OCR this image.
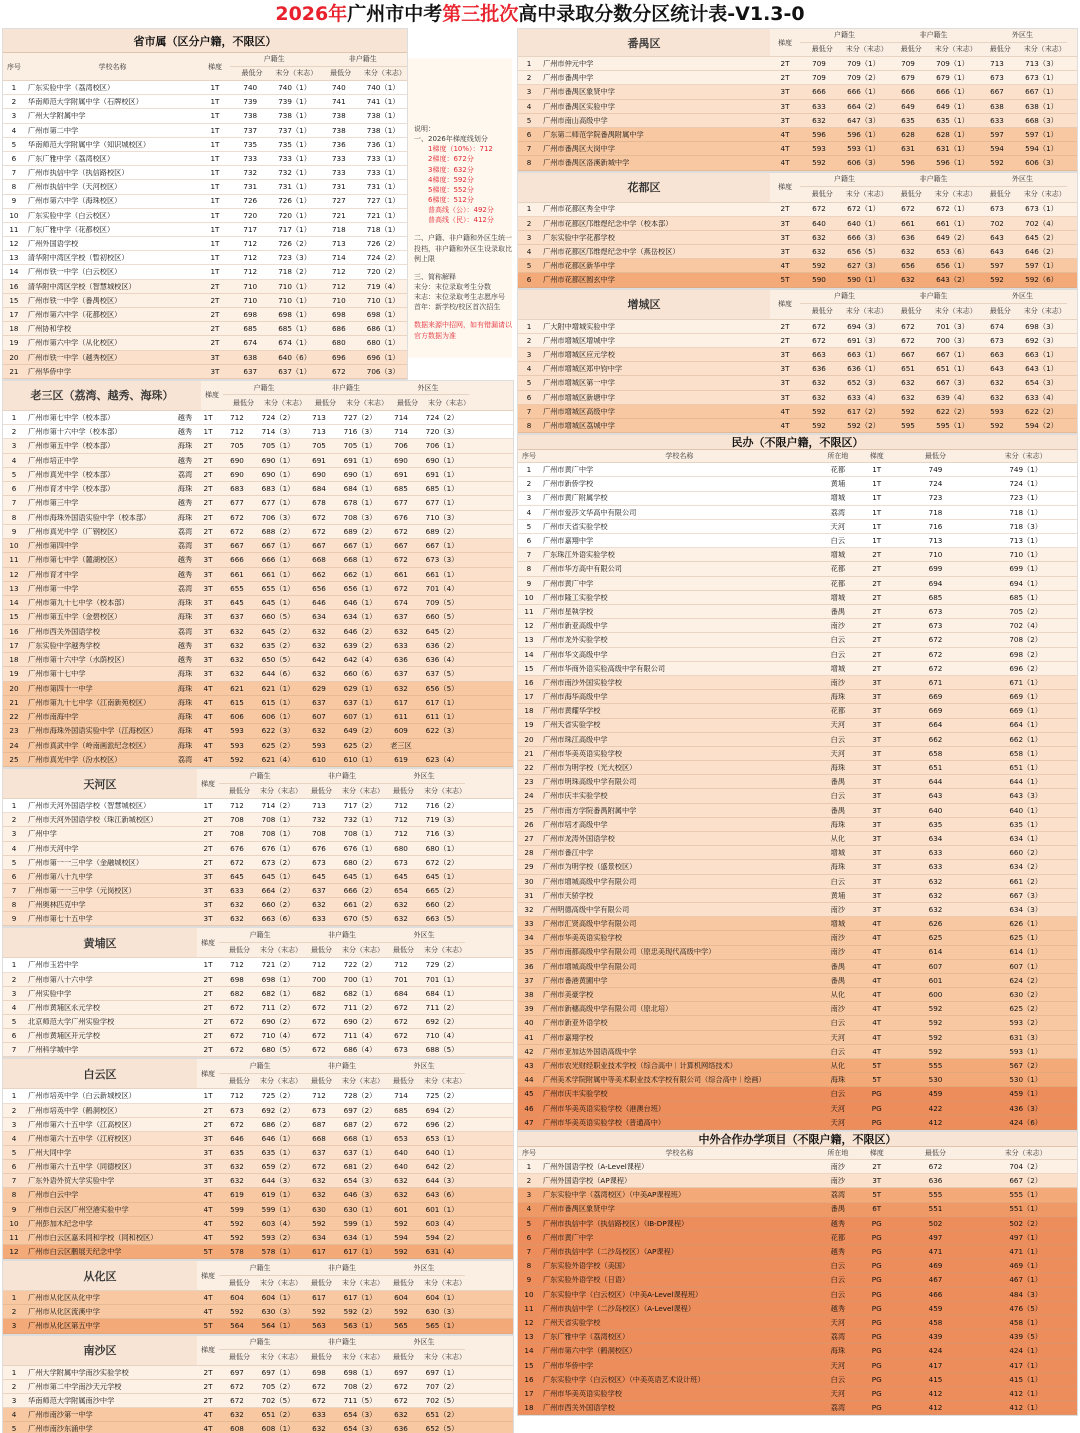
2026年广州市中考第三批次高中录取分数分区统计表-V1.3-0
省市属（区分户籍，不限区）
序号	学校名称	梯度
户籍生
最低分	末分（末志）
非户籍生
最低分	末分（末志）
1	广东实验中学（荔湾校区）	1T	740	740（1）	740	740（1）
2	华南师范大学附属中学（石牌校区）	1T	739	739（1）	741	741（1）
3	广州大学附属中学	1T	738	738（1）	738	738（1）
4	广州市第二中学	1T	737	737（1）	738	738（1）
5	华南师范大学附属中学（知识城校区）	1T	735	735（1）	736	736（1）
6	广东广雅中学（荔湾校区）	1T	733	733（1）	733	733（1）
7	广州市执信中学（执信路校区）	1T	732	732（1）	733	733（1）
8	广州市执信中学（天河校区）	1T	731	731（1）	731	731（1）
9	广州市第六中学（海珠校区）	1T	726	726（1）	727	727（1）
10	广东实验中学（白云校区）	1T	720	720（1）	721	721（1）
11	广东广雅中学（花都校区）	1T	717	717（1）	718	718（1）
12	广州外国语学校	1T	712	726（2）	713	726（2）
13	清华附中湾区学校（暂初校区）	1T	712	723（3）	714	724（2）
14	广州市铁一中学（白云校区）	1T	712	718（2）	712	720（2）
16	清华附中湾区学校（智慧城校区）	2T	710	710（1）	712	719（4）
15	广州市铁一中学（番禺校区）	2T	710	710（1）	710	710（1）
17	广州市第六中学（花都校区）	2T	698	698（1）	698	698（1）
18	广州协和学校	2T	685	685（1）	686	686（1）
19	广州市第六中学（从化校区）	2T	674	674（1）	680	680（1）
20	广州市铁一中学（越秀校区）	3T	638	640（6）	696	696（1）
21	广州华侨中学	3T	637	637（1）	672	706（3）
老三区（荔湾、越秀、海珠）	梯度
户籍生
最低分	末分（末志）
非户籍生
最低分	末分（末志）
外区生
最低分	末分（末志）
1	广州市第七中学（校本部）	越秀	1T	712	724（2）	713	727（2）	714	724（2）
2	广州市第十六中学（校本部）	越秀	1T	712	714（3）	713	716（3）	714	720（3）
3	广州市第五中学（校本部）	海珠	2T	705	705（1）	705	705（1）	706	706（1）
4	广州市培正中学	越秀	2T	690	690（1）	691	691（1）	690	690（1）
5	广州市真光中学（校本部）	荔湾	2T	690	690（1）	690	690（1）	691	691（1）
6	广州市育才中学（校本部）	海珠	2T	683	683（1）	684	684（1）	685	685（1）
7	广州市第三中学	越秀	2T	677	677（1）	678	678（1）	677	677（1）
8	广州市海珠外国语实验中学（校本部）	海珠	2T	672	706（3）	672	708（3）	676	710（3）
9	广州市真光中学（广钢校区）	荔湾	2T	672	688（2）	672	689（2）	672	689（2）
10	广州市第四中学	荔湾	3T	667	667（1）	667	667（1）	667	667（1）
11	广州市第七中学（麓湖校区）	越秀	3T	666	666（1）	668	668（1）	672	673（3）
12	广州市育才中学	越秀	3T	661	661（1）	662	662（1）	661	661（1）
13	广州市第一中学	荔湾	3T	655	655（1）	656	656（1）	672	701（4）
14	广州市第九十七中学（校本部）	海珠	3T	645	645（1）	646	646（1）	674	709（5）
15	广州市第五中学（金碧校区）	海珠	3T	637	660（5）	634	634（1）	637	660（5）
16	广州市西关外国语学校	荔湾	3T	632	645（2）	632	646（2）	632	645（2）
17	广东实验中学越秀学校	越秀	3T	632	635（2）	632	639（2）	633	636（2）
18	广州市第十六中学（水荫校区）	越秀	3T	632	650（5）	642	642（4）	636	636（4）
19	广州市第十七中学	海珠	3T	632	644（6）	632	660（6）	637	637（5）
20	广州市第四十一中学	海珠	4T	621	621（1）	629	629（1）	632	656（5）
21	广州市第九十七中学（江南新苑校区）	海珠	4T	615	615（1）	637	637（1）	617	617（1）
22	广州市南海中学	海珠	4T	606	606（1）	607	607（1）	611	611（1）
23	广州市海珠外国语实验中学（江海校区）	海珠	4T	593	622（3）	632	649（2）	609	622（3）
24	广州市真武中学（岭南画派纪念校区）	海珠	4T	593	625（2）	593	625（2）	老三区
25	广州市真光中学（汾水校区）	荔湾	4T	592	621（4）	610	610（1）	619	623（4）
天河区	梯度
户籍生
最低分	末分（末志）
非户籍生
最低分	末分（末志）
外区生
最低分	末分（末志）
1	广州市天河外国语学校（智慧城校区）	1T	712	714（2）	713	717（2）	712	716（2）
2	广州市天河外国语学校（珠江新城校区）	2T	708	708（1）	732	732（1）	712	719（3）
3	广州中学	2T	708	708（1）	708	708（1）	712	716（3）
4	广州市天河中学	2T	676	676（1）	676	676（1）	680	680（1）
5	广州市第一一三中学（金融城校区）	2T	672	673（2）	673	680（2）	673	672（2）
6	广州市第八十九中学	3T	645	645（1）	645	645（1）	645	645（1）
7	广州市第一一三中学（元岗校区）	3T	633	664（2）	637	666（2）	654	665（2）
8	广州奥林匹克中学	3T	632	660（2）	632	661（2）	632	660（2）
9	广州市第七十五中学	3T	632	663（6）	633	670（5）	632	663（5）
黄埔区	梯度
户籍生
最低分	末分（末志）
非户籍生
最低分	末分（末志）
外区生
最低分	末分（末志）
1	广州市玉岩中学	1T	712	721（2）	712	722（2）	712	729（2）
2	广州市第八十六中学	2T	698	698（1）	700	700（1）	701	701（1）
3	广州实验中学	2T	682	682（1）	682	682（1）	684	684（1）
4	广州市黄埔区永元学校	2T	672	711（2）	672	711（2）	672	711（2）
5	北京师范大学广州实验学校	2T	672	690（2）	672	690（2）	672	692（2）
6	广州市黄埔区开元学校	2T	672	710（4）	672	711（4）	672	710（4）
7	广州科学城中学	2T	672	680（5）	672	686（4）	673	688（5）
白云区	梯度
户籍生
最低分	末分（末志）
非户籍生
最低分	末分（末志）
外区生
最低分	末分（末志）
1	广州市培英中学（白云新城校区）	1T	712	725（2）	712	728（2）	714	725（2）
2	广州市培英中学（鹤洞校区）	2T	673	692（2）	673	697（2）	685	694（2）
3	广州市第六十五中学（江高校区）	2T	672	686（2）	687	687（2）	672	696（2）
4	广州市第六十五中学（江府校区）	3T	646	646（1）	668	668（1）	653	653（1）
5	广州大同中学	3T	635	635（1）	637	637（1）	640	640（1）
6	广州市第六十五中学（同德校区）	3T	632	659（2）	672	681（2）	640	642（2）
7	广东外语外贸大学实验中学	3T	632	644（3）	632	654（3）	632	644（3）
8	广州市白云中学	4T	619	619（1）	632	646（3）	632	643（6）
9	广州市白云区广州空港实验中学	4T	599	599（1）	630	630（1）	601	601（1）
10	广州彭加木纪念中学	4T	592	603（4）	592	599（1）	592	603（4）
11	广州市白云区嘉禾同和学校（同和校区）	4T	592	593（2）	634	634（1）	594	594（2）
12	广州市白云区鹏展天纪念中学	5T	578	578（1）	617	617（1）	592	631（4）
从化区	梯度
户籍生
最低分	末分（末志）
非户籍生
最低分	末分（末志）
外区生
最低分	末分（末志）
1	广州市从化区从化中学	4T	604	604（1）	617	617（1）	604	604（1）
2	广州市从化区流溪中学	4T	592	630（3）	592	592（2）	592	630（3）
3	广州市从化区第五中学	5T	564	564（1）	563	563（1）	565	565（1）
南沙区	梯度
户籍生
最低分	末分（末志）
非户籍生
最低分	末分（末志）
外区生
最低分	末分（末志）
1	广州大学附属中学南沙实验学校	2T	697	697（1）	698	698（1）	697	697（1）
2	广州市第二中学南沙天元学校	2T	672	705（2）	672	708（2）	672	707（2）
3	华南师范大学附属南沙中学	2T	672	702（5）	672	711（5）	672	702（5）
4	广州市南沙第一中学	4T	632	651（2）	633	654（3）	632	651（2）
5	广州市南沙东涌中学	4T	608	608（1）	632	654（3）	636	652（5）
番禺区	梯度
户籍生
最低分	末分（末志）
非户籍生
最低分	末分（末志）
外区生
最低分	末分（末志）
1	广州市仲元中学	2T	709	709（1）	709	709（1）	713	713（3）
2	广州市番禺中学	2T	709	709（2）	679	679（1）	673	673（1）
3	广州市番禺区象贤中学	3T	666	666（1）	666	666（1）	667	667（1）
4	广州市番禺区实验中学	3T	633	664（2）	649	649（1）	638	638（1）
5	广州市南山高级中学	3T	632	647（3）	635	635（1）	633	668（3）
6	广东第二师范学院番禺附属中学	4T	596	596（1）	628	628（1）	597	597（1）
7	广州市番禺区大岗中学	4T	593	593（1）	631	631（1）	594	594（1）
8	广州市番禺区洛溪新城中学	4T	592	606（3）	596	596（1）	592	606（3）
花都区	梯度
户籍生
最低分	末分（末志）
非户籍生
最低分	末分（末志）
外区生
最低分	末分（末志）
1	广州市花都区秀全中学	2T	672	672（1）	672	672（1）	673	673（1）
2	广州市花都区邝维煜纪念中学（校本部）	3T	640	640（1）	661	661（1）	702	702（4）
3	广东实验中学花都学校	3T	632	666（3）	636	649（2）	643	645（2）
4	广州市花都区邝维煜纪念中学（燕岳校区）	3T	632	656（5）	632	653（6）	643	646（2）
5	广州市花都区新华中学	4T	592	627（3）	656	656（1）	597	597（1）
6	广州市花都区圆玄中学	5T	590	590（1）	632	643（2）	592	592（6）
增城区	梯度
户籍生
最低分	末分（末志）
非户籍生
最低分	末分（末志）
外区生
最低分	末分（末志）
1	广大附中增城实验中学	2T	672	694（3）	672	701（3）	674	698（3）
2	广州市增城区增城中学	2T	672	691（3）	672	700（3）	673	692（3）
3	广州市增城区应元学校	3T	663	663（1）	667	667（1）	663	663（1）
4	广州市增城区郑中钧中学	3T	636	636（1）	651	651（1）	643	643（1）
5	广州市增城区第一中学	3T	632	652（3）	632	667（3）	632	654（3）
6	广州市增城区新塘中学	3T	632	633（4）	632	639（4）	632	633（4）
7	广州市增城区高级中学	4T	592	617（2）	592	622（2）	593	622（2）
8	广州市增城区荔城中学	4T	592	592（2）	595	595（1）	592	594（2）
民办（不限户籍，不限区）
序号	学校名称	所在地	梯度	最低分	末分（末志）
1	广州市黄广中学	花都	1T	749	749（1）
2	广州市新侨学校	黄埔	1T	724	724（1）
3	广州市黄广附属学校	增城	1T	723	723（1）
4	广州市爱莎文华高中有限公司	荔湾	1T	718	718（1）
5	广州市天省实验学校	天河	1T	716	718（3）
6	广州市嘉翔中学	白云	1T	713	713（1）
7	广东珠江外语实验学校	增城	2T	710	710（1）
8	广州市华方高中有限公司	花都	2T	699	699（1）
9	广州市黄广中学	花都	2T	694	694（1）
10	广州市隆工实验学校	增城	2T	685	685（1）
11	广州市星執学校	番禺	2T	673	705（2）
12	广州市新亚高级中学	南沙	2T	673	702（4）
13	广州市龙外实验学校	白云	2T	672	708（2）
14	广州市华文高级中学	白云	2T	672	698（2）
15	广州市华商外语实验高级中学有限公司	增城	2T	672	696（2）
16	广州市南沙外国实验学校	南沙	3T	671	671（1）
17	广州市海华高级中学	海珠	3T	669	669（1）
18	广州市黄耀华学校	花都	3T	669	669（1）
19	广州天省实验学校	天河	3T	664	664（1）
20	广州市珠江高级中学	白云	3T	662	662（1）
21	广州市华美英语实验学校	天河	3T	658	658（1）
22	广州市为明学校（光大校区）	海珠	3T	651	651（1）
23	广州市明珠高级中学有限公司	番禺	3T	644	644（1）
24	广州市庆丰实验学校	白云	3T	643	643（3）
25	广州市南方学院番禺附属中学	番禺	3T	640	640（1）
26	广州市培才高级中学	海珠	3T	635	635（1）
27	广州市龙涛外国语学校	从化	3T	634	634（1）
28	广州市番江中学	增城	3T	633	660（2）
29	广州市为明学校（盛景校区）	海珠	3T	633	634（2）
30	广州市增城高级中学有限公司	白云	3T	632	661（2）
31	广州市天骄学校	黄埔	3T	632	667（3）
32	广州明德高级中学有限公司	南沙	3T	632	634（3）
33	广州市汇贤高级中学有限公司	增城	4T	626	626（1）
34	广州市华美英语实验学校	南沙	4T	625	625（1）
35	广州市南都高级中学有限公司（原忠美现代高级中学）	南沙	4T	614	614（1）
36	广州市增城高级中学有限公司	番禺	4T	607	607（1）
37	广州市番港黄圃中学	番禺	4T	601	624（2）
38	广州市美豪学校	从化	4T	600	630（2）
39	广州市新穗高级中学有限公司（原北培）	南沙	4T	592	625（2）
40	广州市新亚外语学校	白云	4T	592	593（2）
41	广州市嘉翔学校	天河	4T	592	631（3）
42	广州市亚加达外国语高级中学	白云	4T	592	593（1）
43	广州市农光财经职业技术学校（综合高中｜计算机网络技术）	从化	5T	555	567（2）
44	广州美术学院附属中等美术职业技术学校有限公司（综合高中｜绘画）	海珠	5T	530	530（1）
45	广州市庆丰实验学校	白云	PG	459	459（1）
46	广州市华美英语实验学校（港澳台班）	天河	PG	422	436（3）
47	广州市华美英语实验学校（普通高中）	天河	PG	412	424（6）
中外合作办学项目（不限户籍，不限区）
序号	学校名称	所在地	梯度	最低分	末分（末志）
1	广州外国语学校（A-Level课程）	南沙	2T	672	704（2）
2	广州外国语学校（AP课程）	南沙	3T	636	667（2）
3	广东实验中学（荔湾校区）（中美AP课程班）	荔湾	5T	555	555（1）
4	广州市番禺区象贤中学	番禺	6T	551	551（1）
5	广州市执信中学（执信路校区）（IB-DP课程）	越秀	PG	502	502（2）
6	广州市黄广中学	花都	PG	497	497（1）
7	广州市执信中学（二沙岛校区）（AP课程）	越秀	PG	471	471（1）
8	广东实验外语学校（美国）	白云	PG	469	469（1）
9	广东实验外语学校（日语）	白云	PG	467	467（1）
10	广东实验中学（白云校区）（中美A-Level课程班）	白云	PG	466	484（3）
11	广州市执信中学（二沙岛校区）（A-Level课程）	越秀	PG	459	476（5）
12	广州天省实验学校	天河	PG	458	458（1）
13	广东广雅中学（荔湾校区）	荔湾	PG	439	439（5）
14	广州市第六中学（鹤洞校区）	海珠	PG	424	424（1）
15	广州市华侨中学	天河	PG	417	417（1）
16	广东实验中学（白云校区）（中美英语艺术设计班）	白云	PG	415	415（1）
17	广州市华美英语实验学校	天河	PG	412	412（1）
18	广州市西关外国语学校	荔湾	PG	412	412（1）
说明：
一、2026年梯度线划分
1梯度（10%）：712
2梯度：672分
3梯度：632分
4梯度：592分
5梯度：552分
6梯度：512分
普高线（公）：492分
普高线（民）：412分
二、户籍、非户籍和外区生统一投档，非户籍和外区生设录取比例上限
三、简称解释
末分：末位录取考生分数
末志：末位录取考生志愿序号
首年：新学校/校区首次招生
数据来源中招网，如有错漏请以官方数据为准
